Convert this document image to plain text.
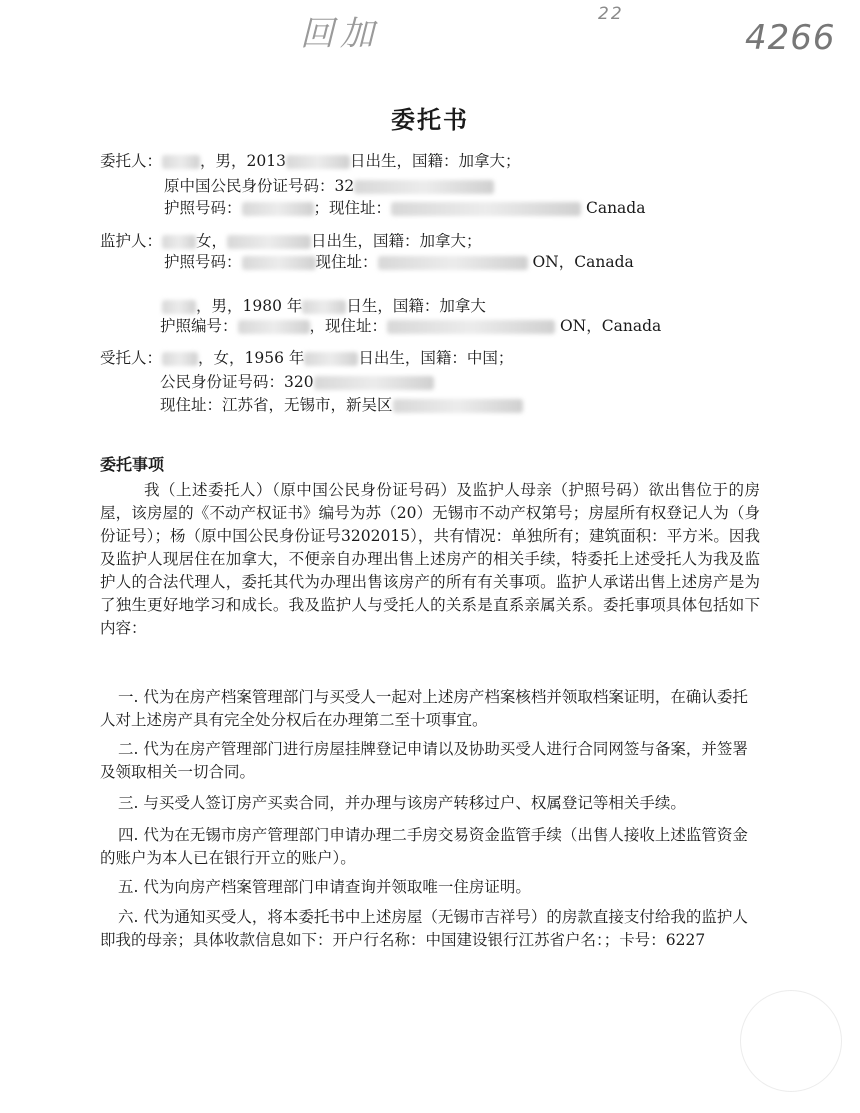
回加	22
4266
委托书
委托人： ，男，2013	日出生，国籍：加拿大；
原中国公民身份证号码：32
护照号码：	；现住址：	Canada
监护人： 女，	日出生，国籍：加拿大；
护照号码：	现住址：	ON，Canada
，男，1980 年	日生，国籍：加拿大
护照编号：	，现住址：	ON，Canada
受托人： ，女，1956 年	日出生，国籍：中国；
公民身份证号码：320
现住址：江苏省，无锡市，新吴区
委托事项
我（上述委托人）（原中国公民身份证号码）及监护人母亲（护照号码）欲出售位于的房屋，该房屋的《不动产权证书》编号为苏（20）无锡市不动产权第号；房屋所有权登记人为（身份证号）；杨（原中国公民身份证号3202015），共有情况：单独所有；建筑面积：平方米。因我及监护人现居住在加拿大，不便亲自办理出售上述房产的相关手续，特委托上述受托人为我及监护人的合法代理人，委托其代为办理出售该房产的所有有关事项。监护人承诺出售上述房产是为了独生更好地学习和成长。我及监护人与受托人的关系是直系亲属关系。委托事项具体包括如下内容：
一. 代为在房产档案管理部门与买受人一起对上述房产档案核档并领取档案证明，在确认委托人对上述房产具有完全处分权后在办理第二至十项事宜。
二. 代为在房产管理部门进行房屋挂牌登记申请以及协助买受人进行合同网签与备案，并签署及领取相关一切合同。
三. 与买受人签订房产买卖合同，并办理与该房产转移过户、权属登记等相关手续。
四. 代为在无锡市房产管理部门申请办理二手房交易资金监管手续（出售人接收上述监管资金的账户为本人已在银行开立的账户）。
五. 代为向房产档案管理部门申请查询并领取唯一住房证明。
六. 代为通知买受人，将本委托书中上述房屋（无锡市吉祥号）的房款直接支付给我的监护人即我的母亲；具体收款信息如下：开户行名称：中国建设银行江苏省户名：；卡号：6227
